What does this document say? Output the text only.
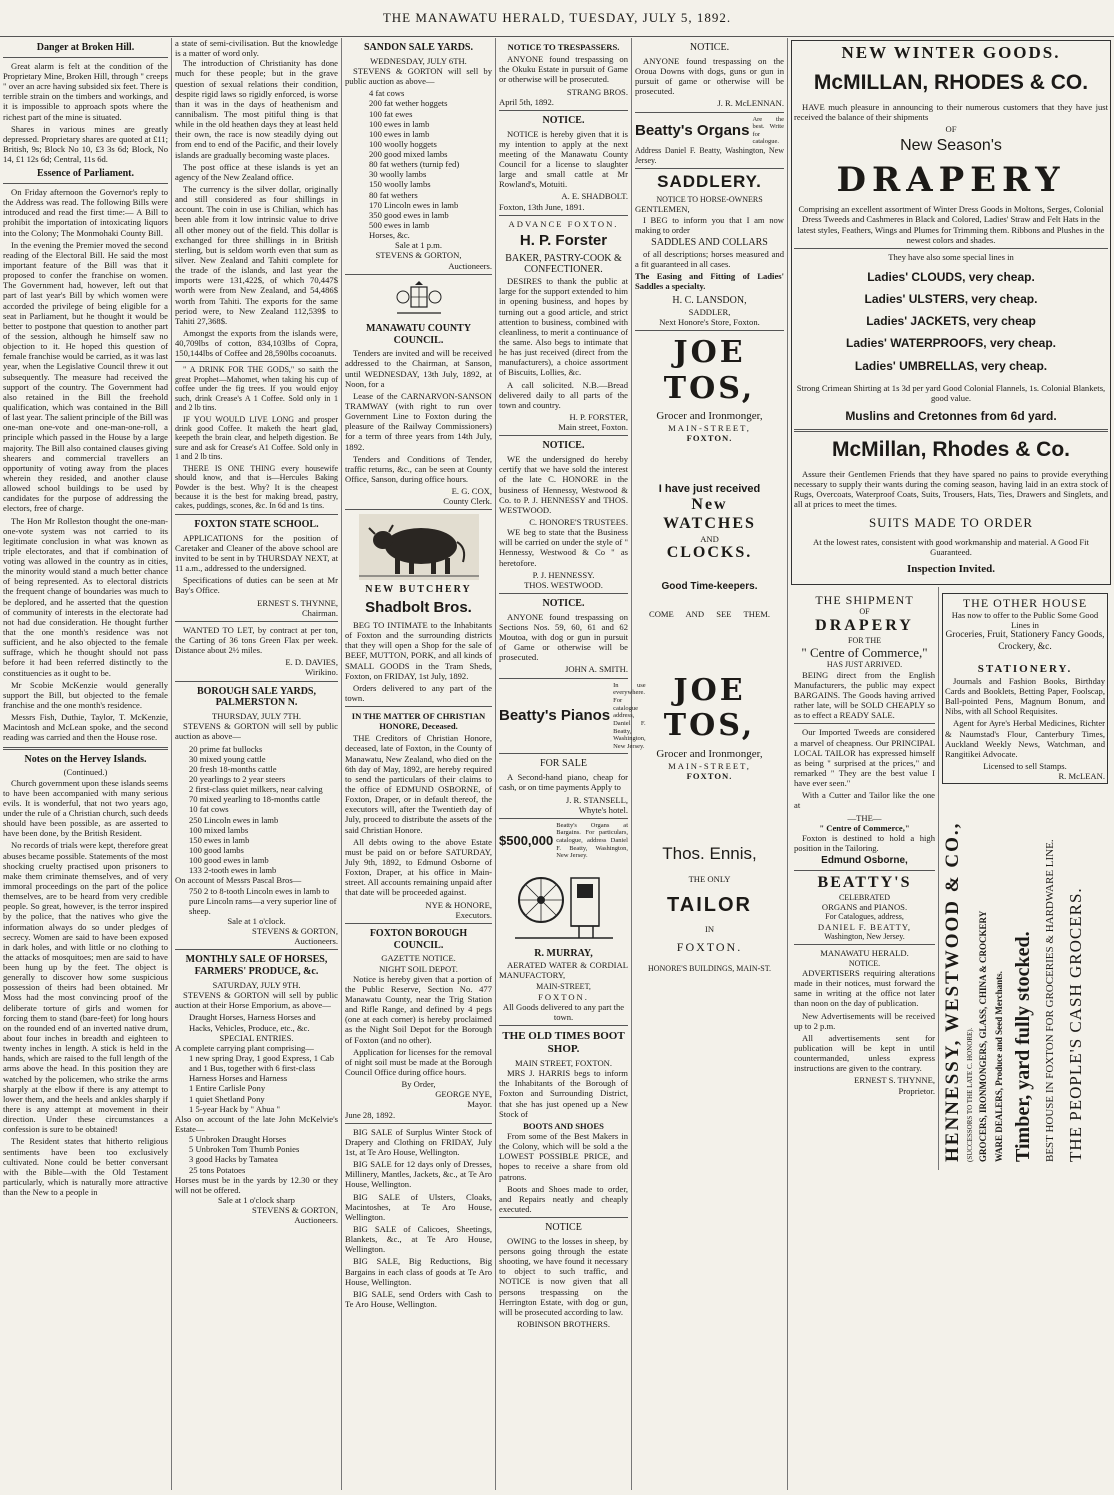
THE MANAWATU HERALD, TUESDAY, JULY 5, 1892.
Danger at Broken Hill.

Great alarm is felt at the condition of the Proprietary Mine, Broken Hill, through " creeps " over an acre having subsided six feet. There is terrible strain on the timbers and workings, and it is impossible to approach spots where the richest part of the mine is situated.

Shares in various mines are greatly depressed. Proprietary shares are quoted at £11; British, 9s; Block No 10, £3 3s 6d; Block, No 14, £1 12s 6d; Central, 11s 6d.

Essence of Parliament.

On Friday afternoon the Governor's reply to the Address was read. The following Bills were introduced and read the first time:— A Bill to prohibit the importation of intoxicating liquors into the Colony; The Monmohaki County Bill.

In the evening the Premier moved the second reading of the Electoral Bill. He said the most important feature of the Bill was that it proposed to confer the franchise on women. The Government had, however, left out that part of last year's Bill by which women were accorded the privilege of being eligible for a seat in Parliament, but he thought it would be better to postpone that question to another part of the session, although he himself saw no objection to it. He hoped this question of female franchise would be carried, as it was last year, when the Legislative Council threw it out subsequently. The measure had received the support of the country. The Government had also retained in the Bill the freehold qualification, which was contained in the Bill of last year. The salient principle of the Bill was one-man one-vote and one-man-one-roll, a principle which passed in the House by a large majority. The Bill also contained clauses giving shearers and commercial travellers an opportunity of voting away from the places wherein they resided, and another clause allowed school buildings to be used by candidates for the purpose of addressing the electors, free of charge.

The Hon Mr Rolleston thought the one-man-one-vote system was not carried to its legitimate conclusion in what was known as triple electorates, and that if combination of voting was allowed in the country as in cities, the minority would stand a much better chance of being represented. As to electoral districts the frequent change of boundaries was much to be deplored, and he asserted that the question of community of interests in the electorate had not had due consideration. He thought further that the one month's residence was not sufficient, and he also objected to the female suffrage, which he thought should not pass before it had been referred distinctly to the constituencies as it ought to be.

Mr Scobie McKenzie would generally support the Bill, but objected to the female franchise and the one month's residence.

Messrs Fish, Duthie, Taylor, T. McKenzie, Macintosh and McLean spoke, and the second reading was carried and then the House rose.

Notes on the Hervey Islands.
(Continued.)

Church government upon these islands seems to have been accompanied with many serious evils. It is wonderful, that not two years ago, under the rule of a Christian church, such deeds should have been possible, as are asserted to have been done, by the British Resident.

No records of trials were kept, therefore great abuses became possible. Statements of the most shocking cruelty practised upon prisoners to make them criminate themselves, and of very immoral proceedings on the part of the police themselves, are to be heard from very credible people. So great, however, is the terror inspired by the police, that the natives who give the information always do so under pledges of secrecy. Women are said to have been exposed in dark holes, and with little or no clothing to the attacks of mosquitoes; men are said to have been hung up by the feet. The object is generally to discover how some suspicious possession of theirs had been obtained. Mr Moss had the most convincing proof of the deliberate torture of girls and women for forcing them to stand (bare-feet) for long hours on the rounded end of an inverted native drum, about four inches in breadth and eighteen to twenty inches in length. A stick is held in the hands, which are raised to the full length of the arms above the head. In this position they are watched by the policemen, who strike the arms sharply at the elbow if there is any attempt to lower them, and the heels and ankles sharply if there is any attempt at movement in their direction. Under these circumstances a confession is sure to be obtained!

The Resident states that hitherto religious sentiments have been too exclusively cultivated. None could be better conversant with the Bible—with the Old Testament particularly, which is naturally more attractive than the New to a people in

a state of semi-civilisation. But the knowledge is a matter of word only.

The introduction of Christianity has done much for these people; but in the grave question of sexual relations their condition, despite rigid laws so rigidly enforced, is worse than it was in the days of heathenism and cannibalism. The most pitiful thing is that while in the old heathen days they at least held their own, the race is now steadily dying out from end to end of the Pacific, and their lovely islands are gradually becoming waste places.

The post office at these islands is yet an agency of the New Zealand office.

The currency is the silver dollar, originally and still considered as four shillings in account. The coin in use is Chilian, which has been able from it low intrinsic value to drive all other money out of the field. This dollar is exchanged for three shillings in in British sterling, but is seldom worth even that sum as silver. New Zealand and Tahiti complete for the trade of the islands, and last year the imports were 131,422$, of which 70,447$ worth were from New Zealand, and 54,486$ worth from Tahiti. The exports for the same period were, to New Zealand 112,539$ to Tahiti 27,368$.

Amongst the exports from the islands were, 40,709lbs of cotton, 834,103lbs of Copra, 150,144lbs of Coffee and 28,590lbs cocoanuts.

" A DRINK FOR THE GODS," so saith the great Prophet—Mahomet, when taking his cup of coffee under the fig trees. If you would enjoy such, drink Crease's A 1 Coffee. Sold only in 1 and 2 lb tins.

IF YOU WOULD LIVE LONG and prosper drink good Coffee. It maketh the heart glad, keepeth the brain clear, and helpeth digestion. Be sure and ask for Crease's A1 Coffee. Sold only in 1 and 2 lb tins.

THERE IS ONE THING every housewife should know, and that is—Hercules Baking Powder is the best. Why? It is the cheapest because it is the best for making bread, pastry, cakes, puddings, scones, &c. In 6d and 1s tins.

FOXTON STATE SCHOOL.

APPLICATIONS for the position of Caretaker and Cleaner of the above school are invited to be sent in by THURSDAY NEXT, at 11 a.m., addressed to the undersigned.

Specifications of duties can be seen at Mr Bay's Office.

ERNEST S. THYNNE,
Chairman.

WANTED TO LET, by contract at per ton, the Carting of 36 tons Green Flax per week. Distance about 2½ miles.

E. D. DAVIES,
Wirikino.
BOROUGH SALE YARDS, PALMERSTON N.
THURSDAY, JULY 7TH.

STEVENS & GORTON will sell by public auction as above—

20 prime fat bullocks
30 mixed young cattle
20 fresh 18-months cattle
20 yearlings to 2 year steers
2 first-class quiet milkers, near calving
70 mixed yearling to 18-months cattle
10 fat cows
250 Lincoln ewes in lamb
100 mixed lambs
150 ewes in lamb
100 good lambs
100 good ewes in lamb
133 2-tooth ewes in lamb
On account of Messrs Pascal Bros—
750 2 to 8-tooth Lincoln ewes in lamb to pure Lincoln rams—a very superior line of sheep.
Sale at 1 o'clock.
STEVENS & GORTON,
Auctioneers.
MONTHLY SALE OF HORSES, FARMERS' PRODUCE, &c.
SATURDAY, JULY 9TH.

STEVENS & GORTON will sell by public auction at their Horse Emporium, as above—

Draught Horses, Harness Horses and Hacks, Vehicles, Produce, etc., &c.
SPECIAL ENTRIES.
A complete carrying plant comprising—
1 new spring Dray, 1 good Express, 1 Cab and 1 Bus, together with 6 first-class Harness Horses and Harness
1 Entire Carlisle Pony
1 quiet Shetland Pony
1 5-year Hack by " Ahua "
Also on account of the late John McKelvie's Estate—
5 Unbroken Draught Horses
5 Unbroken Tom Thumb Ponies
3 good Hacks by Tamatea
25 tons Potatoes
Horses must be in the yards by 12.30 or they will not be offered.
Sale at 1 o'clock sharp
STEVENS & GORTON,
Auctioneers.
SANDON SALE YARDS.
WEDNESDAY, JULY 6TH.

STEVENS & GORTON will sell by public auction as above—

4 fat cows
200 fat wether hoggets
100 fat ewes
100 ewes in lamb
100 ewes in lamb
100 woolly hoggets
200 good mixed lambs
80 fat wethers (turnip fed)
30 woolly lambs
150 woolly lambs
80 fat wethers
170 Lincoln ewes in lamb
350 good ewes in lamb
500 ewes in lamb
Horses, &c.
Sale at 1 p.m.
STEVENS & GORTON,
Auctioneers.
MANAWATU COUNTY COUNCIL.

Tenders are invited and will be received addressed to the Chairman, at Sanson, until WEDNESDAY, 13th July, 1892, at Noon, for a

Lease of the CARNARVON-SANSON TRAMWAY (with right to run over Government Line to Foxton during the pleasure of the Railway Commissioners) for a term of three years from 14th July, 1892.

Tenders and Conditions of Tender, traffic returns, &c., can be seen at County Office, Sanson, during office hours.

E. G. COX,
County Clerk.
NEW BUTCHERY
Shadbolt Bros.

BEG TO INTIMATE to the Inhabitants of Foxton and the surrounding districts that they will open a Shop for the sale of BEEF, MUTTON, PORK, and all kinds of SMALL GOODS in the Tram Sheds, Foxton, on FRIDAY, 1st July, 1892.

Orders delivered to any part of the town.

IN THE MATTER OF CHRISTIAN HONORE, Deceased.

THE Creditors of Christian Honore, deceased, late of Foxton, in the County of Manawatu, New Zealand, who died on the 6th day of May, 1892, are hereby required to send the particulars of their claims to the office of EDMUND OSBORNE, of Foxton, Draper, or in default thereof, the executors will, after the Twentieth day of July, proceed to distribute the assets of the said Christian Honore.

All debts owing to the above Estate must be paid on or before SATURDAY, July 9th, 1892, to Edmund Osborne of Foxton, Draper, at his office in Main-street. All accounts remaining unpaid after that date will be proceeded against.

NYE & HONORE,
Executors.
FOXTON BOROUGH COUNCIL.
GAZETTE NOTICE.
NIGHT SOIL DEPOT.

Notice is hereby given that a portion of the Public Reserve, Section No. 477 Manawatu County, near the Trig Station and Rifle Range, and defined by 4 pegs (one at each corner) is hereby proclaimed as the Night Soil Depot for the Borough of Foxton (and no other).

Application for licenses for the removal of night soil must be made at the Borough Council Office during office hours.

By Order,
GEORGE NYE,
Mayor.
June 28, 1892.

BIG SALE of Surplus Winter Stock of Drapery and Clothing on FRIDAY, July 1st, at Te Aro House, Wellington.

BIG SALE for 12 days only of Dresses, Millinery, Mantles, Jackets, &c., at Te Aro House, Wellington.

BIG SALE of Ulsters, Cloaks, Macintoshes, at Te Aro House, Wellington.

BIG SALE of Calicoes, Sheetings, Blankets, &c., at Te Aro House, Wellington.

BIG SALE, Big Reductions, Big Bargains in each class of goods at Te Aro House, Wellington.

BIG SALE, send Orders with Cash to Te Aro House, Wellington.

NOTICE TO TRESPASSERS.

ANYONE found trespassing on the Okuku Estate in pursuit of Game or otherwise will be prosecuted.

STRANG BROS.
April 5th, 1892.
NOTICE.

NOTICE is hereby given that it is my intention to apply at the next meeting of the Manawatu County Council for a license to slaughter large and small cattle at Mr Rowland's, Motuiti.

A. E. SHADBOLT.
Foxton, 13th June, 1891.
ADVANCE FOXTON.
H. P. Forster
BAKER, PASTRY-COOK & CONFECTIONER.

DESIRES to thank the public at large for the support extended to him in opening business, and hopes by turning out a good article, and strict attention to business, combined with cleanliness, to merit a continuance of the same. Also begs to intimate that he has just received (direct from the manufacturers), a choice assortment of Biscuits, Lollies, &c.

A call solicited. N.B.—Bread delivered daily to all parts of the town and country.

H. P. FORSTER,
Main street, Foxton.
NOTICE.

WE the undersigned do hereby certify that we have sold the interest of the late C. HONORE in the business of Hennessy, Westwood & Co. to P. J. HENNESSY and THOS. WESTWOOD.

C. HONORE'S TRUSTEES.

WE beg to state that the Business will be carried on under the style of " Hennessy, Westwood & Co " as heretofore.

P. J. HENNESSY.
THOS. WESTWOOD.
NOTICE.

ANYONE found trespassing on Sections Nos. 59, 60, 61 and 62 Moutoa, with dog or gun in pursuit of Game or otherwise will be prosecuted.

JOHN A. SMITH.
Beatty's Pianos
In use everywhere. For catalogue address, Daniel F. Beatty, Washington, New Jersey.
FOR SALE

A Second-hand piano, cheap for cash, or on time payments Apply to

J. R. STANSELL,
Whyte's hotel.
$500,000
Beatty's Organs at Bargains. For particulars, catalogue, address Daniel F. Beatty, Washington, New Jersey.
R. MURRAY,

AERATED WATER & CORDIAL MANUFACTORY,

MAIN-STREET,
FOXTON.
All Goods delivered to any part the town.
THE OLD TIMES BOOT SHOP.
MAIN STREET, FOXTON.

MRS J. HARRIS begs to inform the Inhabitants of the Borough of Foxton and Surrounding District, that she has just opened up a New Stock of

BOOTS AND SHOES

From some of the Best Makers in the Colony, which will be sold a the LOWEST POSSIBLE PRICE, and hopes to receive a share from old patrons.

Boots and Shoes made to order, and Repairs neatly and cheaply executed.

NOTICE

OWING to the losses in sheep, by persons going through the estate shooting, we have found it necessary to object to such traffic, and NOTICE is now given that all persons trespassing on the Herrington Estate, with dog or gun, will be prosecuted according to law.

ROBINSON BROTHERS.
NOTICE.

ANYONE found trespassing on the Oroua Downs with dogs, guns or gun in pursuit of game or otherwise will be prosecuted.

J. R. McLENNAN.
Beatty's Organs
Are the best. Write for catalogue.
Address Daniel F. Beatty, Washington, New Jersey.
SADDLERY.
NOTICE TO HORSE-OWNERS
GENTLEMEN,

I BEG to inform you that I am now making to order

SADDLES AND COLLARS

of all descriptions; horses measured and a fit guaranteed in all cases.

The Easing and Fitting of Ladies' Saddles a specialty.
H. C. LANSDON,
SADDLER,
Next Honore's Store, Foxton.
JOE TOS,
Grocer and Ironmonger,
MAIN-STREET,
FOXTON.
I have just received
New
WATCHES
AND
CLOCKS.
Good Time-keepers.
COME AND SEE THEM.
JOE TOS,
Grocer and Ironmonger,
MAIN-STREET,
FOXTON.
Thos. Ennis,
THE ONLY
TAILOR
IN
FOXTON.
HONORE'S BUILDINGS, MAIN-ST.
NEW WINTER GOODS.
McMILLAN, RHODES & CO.

HAVE much pleasure in announcing to their numerous customers that they have just received the balance of their shipments

OF
New Season's
DRAPERY

Comprising an excellent assortment of Winter Dress Goods in Moltons, Serges, Colonial Dress Tweeds and Cashmeres in Black and Colored, Ladies' Straw and Felt Hats in the latest styles, Feathers, Wings and Plumes for Trimming them. Ribbons and Plushes in the newest colors and shades.

They have also some special lines in
Ladies' CLOUDS, very cheap.
Ladies' ULSTERS, very cheap.
Ladies' JACKETS, very cheap
Ladies' WATERPROOFS, very cheap.
Ladies' UMBRELLAS, very cheap.

Strong Crimean Shirting at 1s 3d per yard Good Colonial Flannels, 1s. Colonial Blankets, good value.

Muslins and Cretonnes from 6d yard.
McMillan, Rhodes & Co.

Assure their Gentlemen Friends that they have spared no pains to provide everything necessary to supply their wants during the coming season, having laid in an extra stock of Rugs, Overcoats, Waterproof Coats, Suits, Trousers, Hats, Ties, Drawers and Singlets, and all at prices to meet the times.

SUITS MADE TO ORDER

At the lowest rates, consistent with good workmanship and material. A Good Fit Guaranteed.

Inspection Invited.
THE SHIPMENT
OF
DRAPERY
FOR THE
" Centre of Commerce,"
HAS JUST ARRIVED.

BEING direct from the English Manufacturers, the public may expect BARGAINS. The Goods having arrived rather late, will be SOLD CHEAPLY so as to effect a READY SALE.

Our Imported Tweeds are considered a marvel of cheapness. Our PRINCIPAL LOCAL TAILOR has expressed himself as being " surprised at the prices," and remarked " They are the best value I have ever seen."

With a Cutter and Tailor like the one at

—THE—
" Centre of Commerce,"

Foxton is destined to hold a high position in the Tailoring.

Edmund Osborne,
BEATTY'S
CELEBRATED
ORGANS and PIANOS.
For Catalogues, address,
DANIEL F. BEATTY,
Washington, New Jersey.
MANAWATU HERALD.
NOTICE.

ADVERTISERS requiring alterations made in their notices, must forward the same in writing at the office not later than noon on the day of publication.

New Advertisements will be received up to 2 p.m.

All advertisements sent for publication will be kept in until countermanded, unless express instructions are given to the contrary.

ERNEST S. THYNNE,
Proprietor.
THE OTHER HOUSE
Has now to offer to the Public Some Good Lines in
Groceries, Fruit, Stationery Fancy Goods, Crockery, &c.
STATIONERY.

Journals and Fashion Books, Birthday Cards and Booklets, Betting Paper, Foolscap, Ball-pointed Pens, Magnum Bonum, and Nibs, with all School Requisites.

Agent for Ayre's Herbal Medicines, Richter & Naumstad's Flour, Canterbury Times, Auckland Weekly News, Watchman, and Rangitikei Advocate.

Licensed to sell Stamps.
R. McLEAN.
HENNESSY, WESTWOOD & CO., (SUCCESSORS TO THE LATE C. HONORE). GROCERS, IRONMONGERS, GLASS, CHINA & CROCKERY WARE DEALERS, Produce and Seed Merchants. Timber, yard fully stocked. BEST HOUSE IN FOXTON FOR GROCERIES & HARDWARE LINE. THE PEOPLE'S CASH GROCERS.
